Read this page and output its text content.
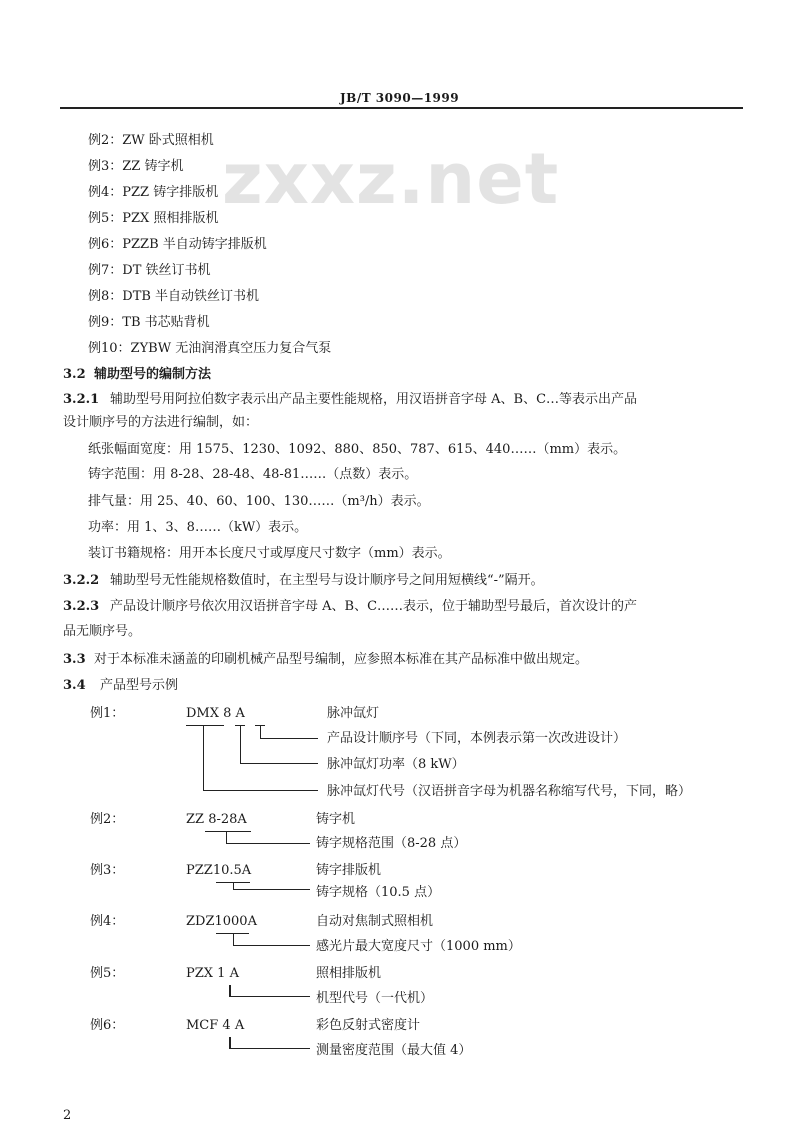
JB/T 3090—1999
zxxz.net
例2：ZW 卧式照相机
例3：ZZ 铸字机
例4：PZZ 铸字排版机
例5：PZX 照相排版机
例6：PZZB 半自动铸字排版机
例7：DT 铁丝订书机
例8：DTB 半自动铁丝订书机
例9：TB 书芯贴背机
例10：ZYBW 无油润滑真空压力复合气泵
3.2 辅助型号的编制方法
3.2.1 辅助型号用阿拉伯数字表示出产品主要性能规格，用汉语拼音字母 A、B、C…等表示出产品
设计顺序号的方法进行编制，如：
纸张幅面宽度：用 1575、1230、1092、880、850、787、615、440……（mm）表示。
铸字范围：用 8-28、28-48、48-81……（点数）表示。
排气量：用 25、40、60、100、130……（m³/h）表示。
功率：用 1、3、8……（kW）表示。
装订书籍规格：用开本长度尺寸或厚度尺寸数字（mm）表示。
3.2.2 辅助型号无性能规格数值时，在主型号与设计顺序号之间用短横线“-”隔开。
3.2.3 产品设计顺序号依次用汉语拼音字母 A、B、C……表示，位于辅助型号最后，首次设计的产
品无顺序号。
3.3 对于本标准未涵盖的印刷机械产品型号编制，应参照本标准在其产品标准中做出规定。
3.4 产品型号示例
例1：	DMX 8 A	脉冲氙灯
产品设计顺序号（下同，本例表示第一次改进设计）
脉冲氙灯功率（8 kW）
脉冲氙灯代号（汉语拼音字母为机器名称缩写代号，下同，略）
例2：	ZZ 8-28A	铸字机
铸字规格范围（8-28 点）
例3：	PZZ10.5A	铸字排版机
铸字规格（10.5 点）
例4：	ZDZ1000A	自动对焦制式照相机
感光片最大宽度尺寸（1000 mm）
例5：	PZX 1 A	照相排版机
机型代号（一代机）
例6：	MCF 4 A	彩色反射式密度计
测量密度范围（最大值 4）
2
